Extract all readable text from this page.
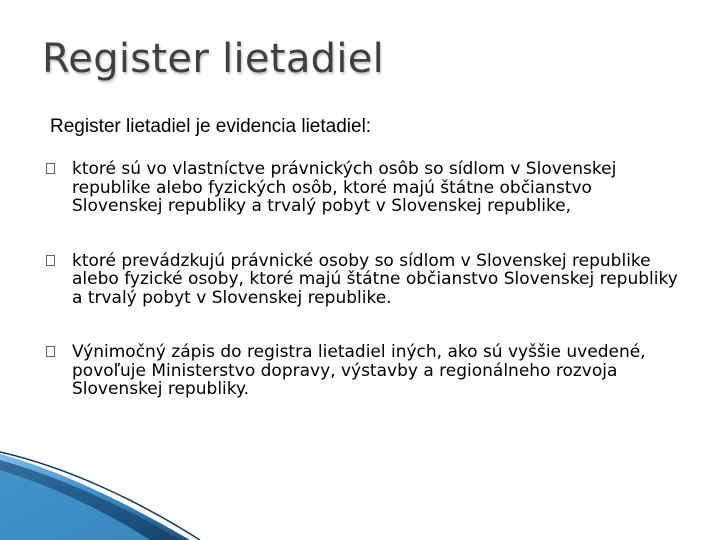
Register lietadiel
Register lietadiel je evidencia lietadiel:
ktoré sú vo vlastníctve právnických osôb so sídlom v Slovenskej republike alebo fyzických osôb, ktoré majú štátne občianstvo Slovenskej republiky a trvalý pobyt v Slovenskej republike,
ktoré prevádzkujú právnické osoby so sídlom v Slovenskej republike alebo fyzické osoby, ktoré majú štátne občianstvo Slovenskej republiky a trvalý pobyt v Slovenskej republike.
Výnimočný zápis do registra lietadiel iných, ako sú vyššie uvedené, povoľuje Ministerstvo dopravy, výstavby a regionálneho rozvoja Slovenskej republiky.
